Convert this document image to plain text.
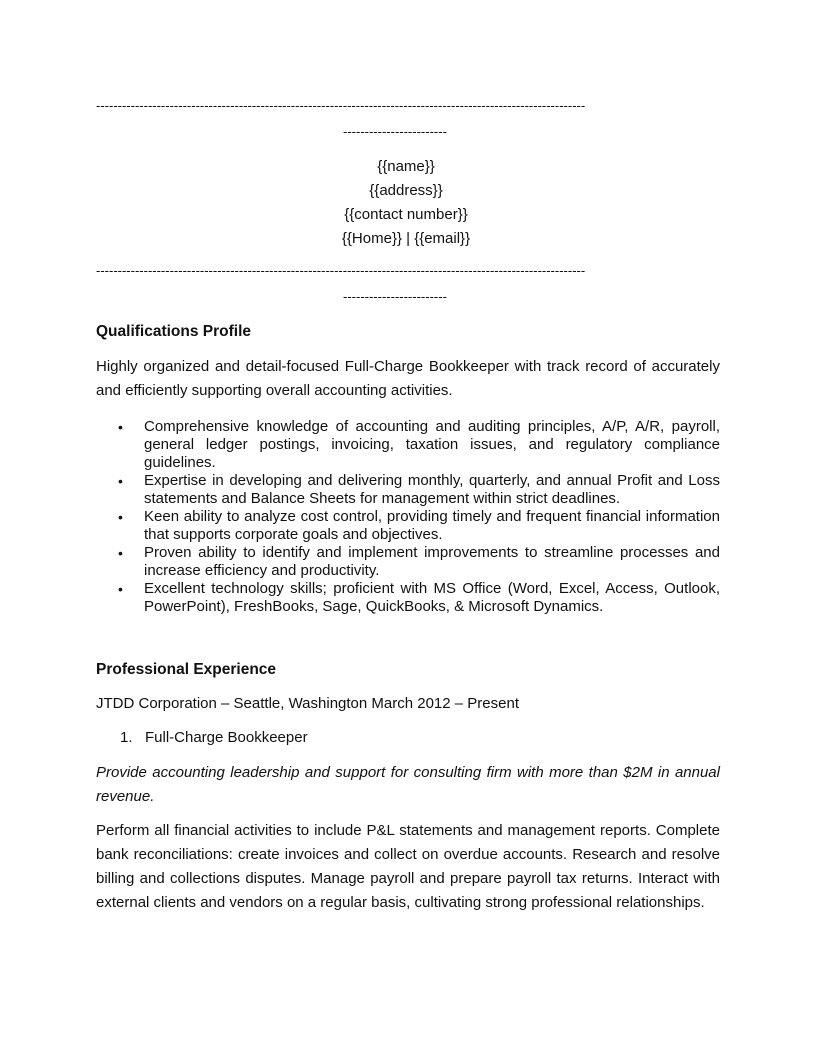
-----------------------------------------------------------------------------------------------------------------
------------------------
{{name}}
{{address}}
{{contact number}}
{{Home}} | {{email}}
-----------------------------------------------------------------------------------------------------------------
------------------------
Qualifications Profile
Highly organized and detail-focused Full-Charge Bookkeeper with track record of accurately and efficiently supporting overall accounting activities.
• Comprehensive knowledge of accounting and auditing principles, A/P, A/R, payroll, general ledger postings, invoicing, taxation issues, and regulatory compliance guidelines.
• Expertise in developing and delivering monthly, quarterly, and annual Profit and Loss statements and Balance Sheets for management within strict deadlines.
• Keen ability to analyze cost control, providing timely and frequent financial information that supports corporate goals and objectives.
• Proven ability to identify and implement improvements to streamline processes and increase efficiency and productivity.
• Excellent technology skills; proficient with MS Office (Word, Excel, Access, Outlook, PowerPoint), FreshBooks, Sage, QuickBooks, & Microsoft Dynamics.
Professional Experience
JTDD Corporation – Seattle, Washington March 2012 – Present
1. Full-Charge Bookkeeper
Provide accounting leadership and support for consulting firm with more than $2M in annual revenue.
Perform all financial activities to include P&L statements and management reports. Complete bank reconciliations: create invoices and collect on overdue accounts. Research and resolve billing and collections disputes. Manage payroll and prepare payroll tax returns. Interact with external clients and vendors on a regular basis, cultivating strong professional relationships.
